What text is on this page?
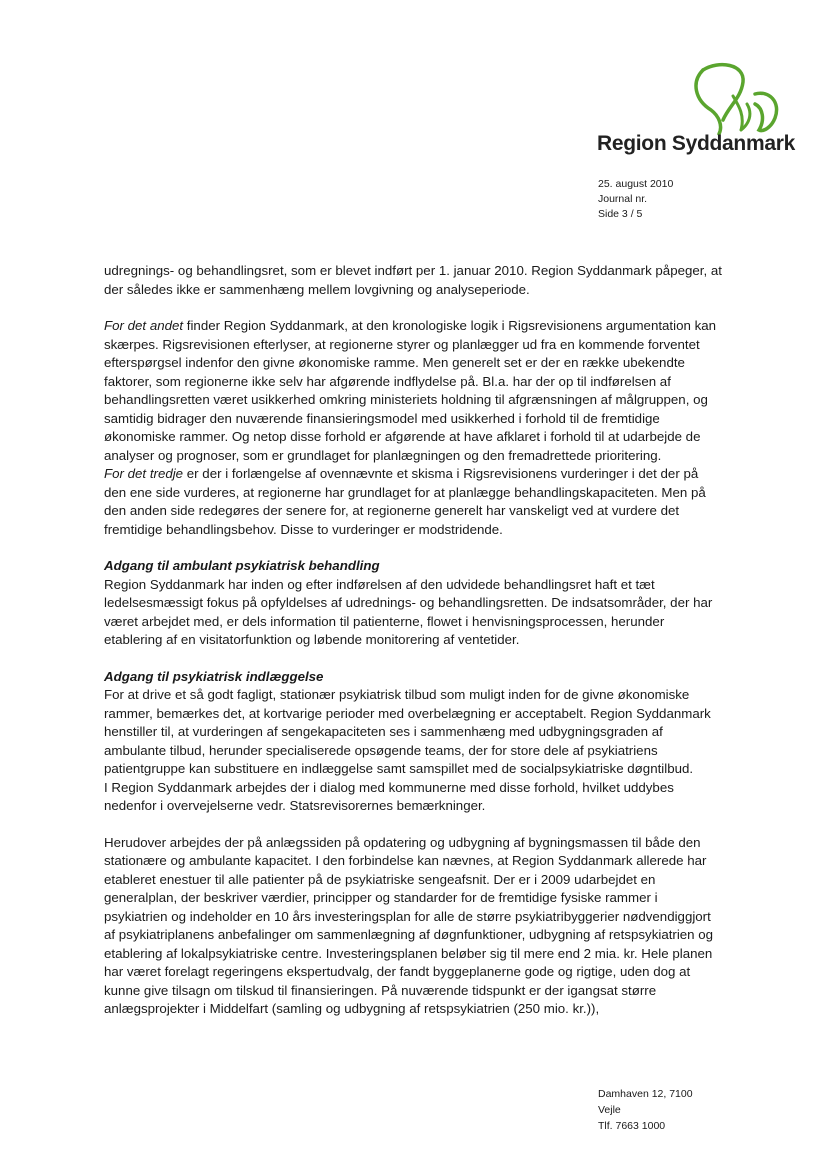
Region Syddanmark
25. august 2010
Journal nr.
Side 3 / 5

udregnings- og behandlingsret, som er blevet indført per 1. januar 2010. Region Syddanmark påpeger, at der således ikke er sammenhæng mellem lovgivning og analyseperiode.

For det andet finder Region Syddanmark, at den kronologiske logik i Rigsrevisionens argumentation kan skærpes. Rigsrevisionen efterlyser, at regionerne styrer og planlægger ud fra en kommende forventet efterspørgsel indenfor den givne økonomiske ramme. Men generelt set er der en række ubekendte faktorer, som regionerne ikke selv har afgørende indflydelse på. Bl.a. har der op til indførelsen af behandlingsretten været usikkerhed omkring ministeriets holdning til afgrænsningen af målgruppen, og samtidig bidrager den nuværende finansieringsmodel med usikkerhed i forhold til de fremtidige økonomiske rammer. Og netop disse forhold er afgørende at have afklaret i forhold til at udarbejde de analyser og prognoser, som er grundlaget for planlægningen og den fremadrettede prioritering.

For det tredje er der i forlængelse af ovennævnte et skisma i Rigsrevisionens vurderinger i det der på den ene side vurderes, at regionerne har grundlaget for at planlægge behandlingskapaciteten. Men på den anden side redegøres der senere for, at regionerne generelt har vanskeligt ved at vurdere det fremtidige behandlingsbehov. Disse to vurderinger er modstridende.

Adgang til ambulant psykiatrisk behandling

Region Syddanmark har inden og efter indførelsen af den udvidede behandlingsret haft et tæt ledelsesmæssigt fokus på opfyldelses af udrednings- og behandlingsretten. De indsatsområder, der har været arbejdet med, er dels information til patienterne, flowet i henvisningsprocessen, herunder etablering af en visitatorfunktion og løbende monitorering af ventetider.

Adgang til psykiatrisk indlæggelse

For at drive et så godt fagligt, stationær psykiatrisk tilbud som muligt inden for de givne økonomiske rammer, bemærkes det, at kortvarige perioder med overbelægning er acceptabelt. Region Syddanmark henstiller til, at vurderingen af sengekapaciteten ses i sammenhæng med udbygningsgraden af ambulante tilbud, herunder specialiserede opsøgende teams, der for store dele af psykiatriens patientgruppe kan substituere en indlæggelse samt samspillet med de socialpsykiatriske døgntilbud.

I Region Syddanmark arbejdes der i dialog med kommunerne med disse forhold, hvilket uddybes nedenfor i overvejelserne vedr. Statsrevisorernes bemærkninger.

Herudover arbejdes der på anlægssiden på opdatering og udbygning af bygningsmassen til både den stationære og ambulante kapacitet. I den forbindelse kan nævnes, at Region Syddanmark allerede har etableret enestuer til alle patienter på de psykiatriske sengeafsnit. Der er i 2009 udarbejdet en generalplan, der beskriver værdier, principper og standarder for de fremtidige fysiske rammer i psykiatrien og indeholder en 10 års investeringsplan for alle de større psykiatribyggerier nødvendiggjort af psykiatriplanens anbefalinger om sammenlægning af døgnfunktioner, udbygning af retspsykiatrien og etablering af lokalpsykiatriske centre. Investeringsplanen beløber sig til mere end 2 mia. kr. Hele planen har været forelagt regeringens ekspertudvalg, der fandt byggeplanerne gode og rigtige, uden dog at kunne give tilsagn om tilskud til finansieringen. På nuværende tidspunkt er der igangsat større anlægsprojekter i Middelfart (samling og udbygning af retspsykiatrien (250 mio. kr.)),

Damhaven 12, 7100
Vejle
Tlf. 7663 1000
